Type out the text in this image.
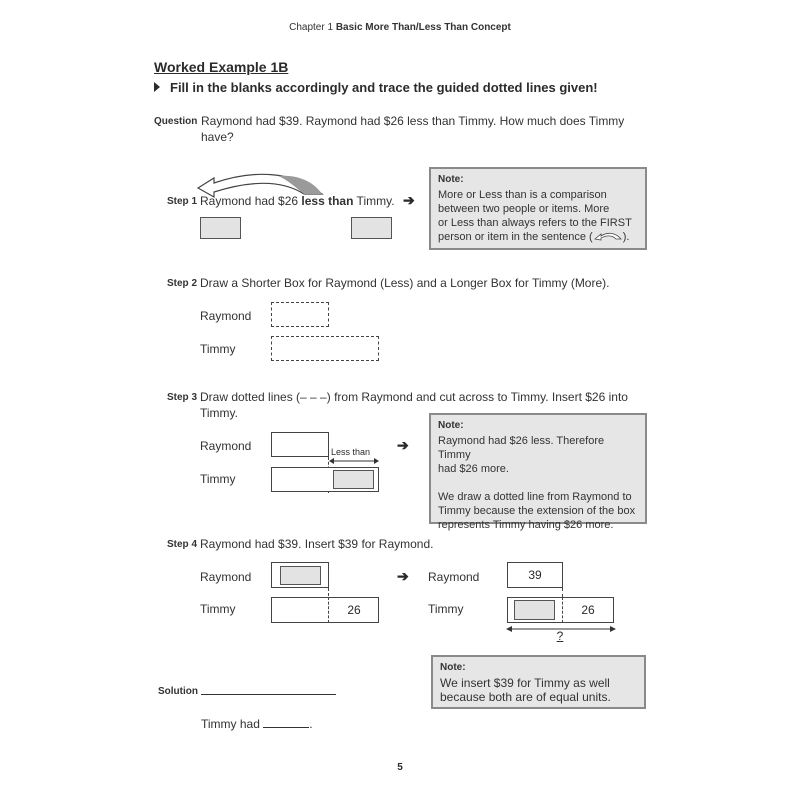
Chapter 1 Basic More Than/Less Than Concept
Worked Example 1B
Fill in the blanks accordingly and trace the guided dotted lines given!
Question Raymond had $39. Raymond had $26 less than Timmy. How much does Timmy
have?
Step 1 Raymond had $26 less than Timmy. ➔
Note:
More or Less than is a comparison
between two people or items. More
or Less than always refers to the FIRST
person or item in the sentence (	).
Step 2 Draw a Shorter Box for Raymond (Less) and a Longer Box for Timmy (More).
Raymond
Timmy
Step 3 Draw dotted lines (– – –) from Raymond and cut across to Timmy. Insert $26 into
Timmy.
Raymond	Less than
Timmy
➔
Note:
Raymond had $26 less. Therefore Timmy
had $26 more.
We draw a dotted line from Raymond to
Timmy because the extension of the box
represents Timmy having $26 more.
Step 4 Raymond had $39. Insert $39 for Raymond.
Raymond
Timmy	26
➔ Raymond	39
Timmy	26
?
Note:
We insert $39 for Timmy as well
because both are of equal units.
Solution
Timmy had	.
5
